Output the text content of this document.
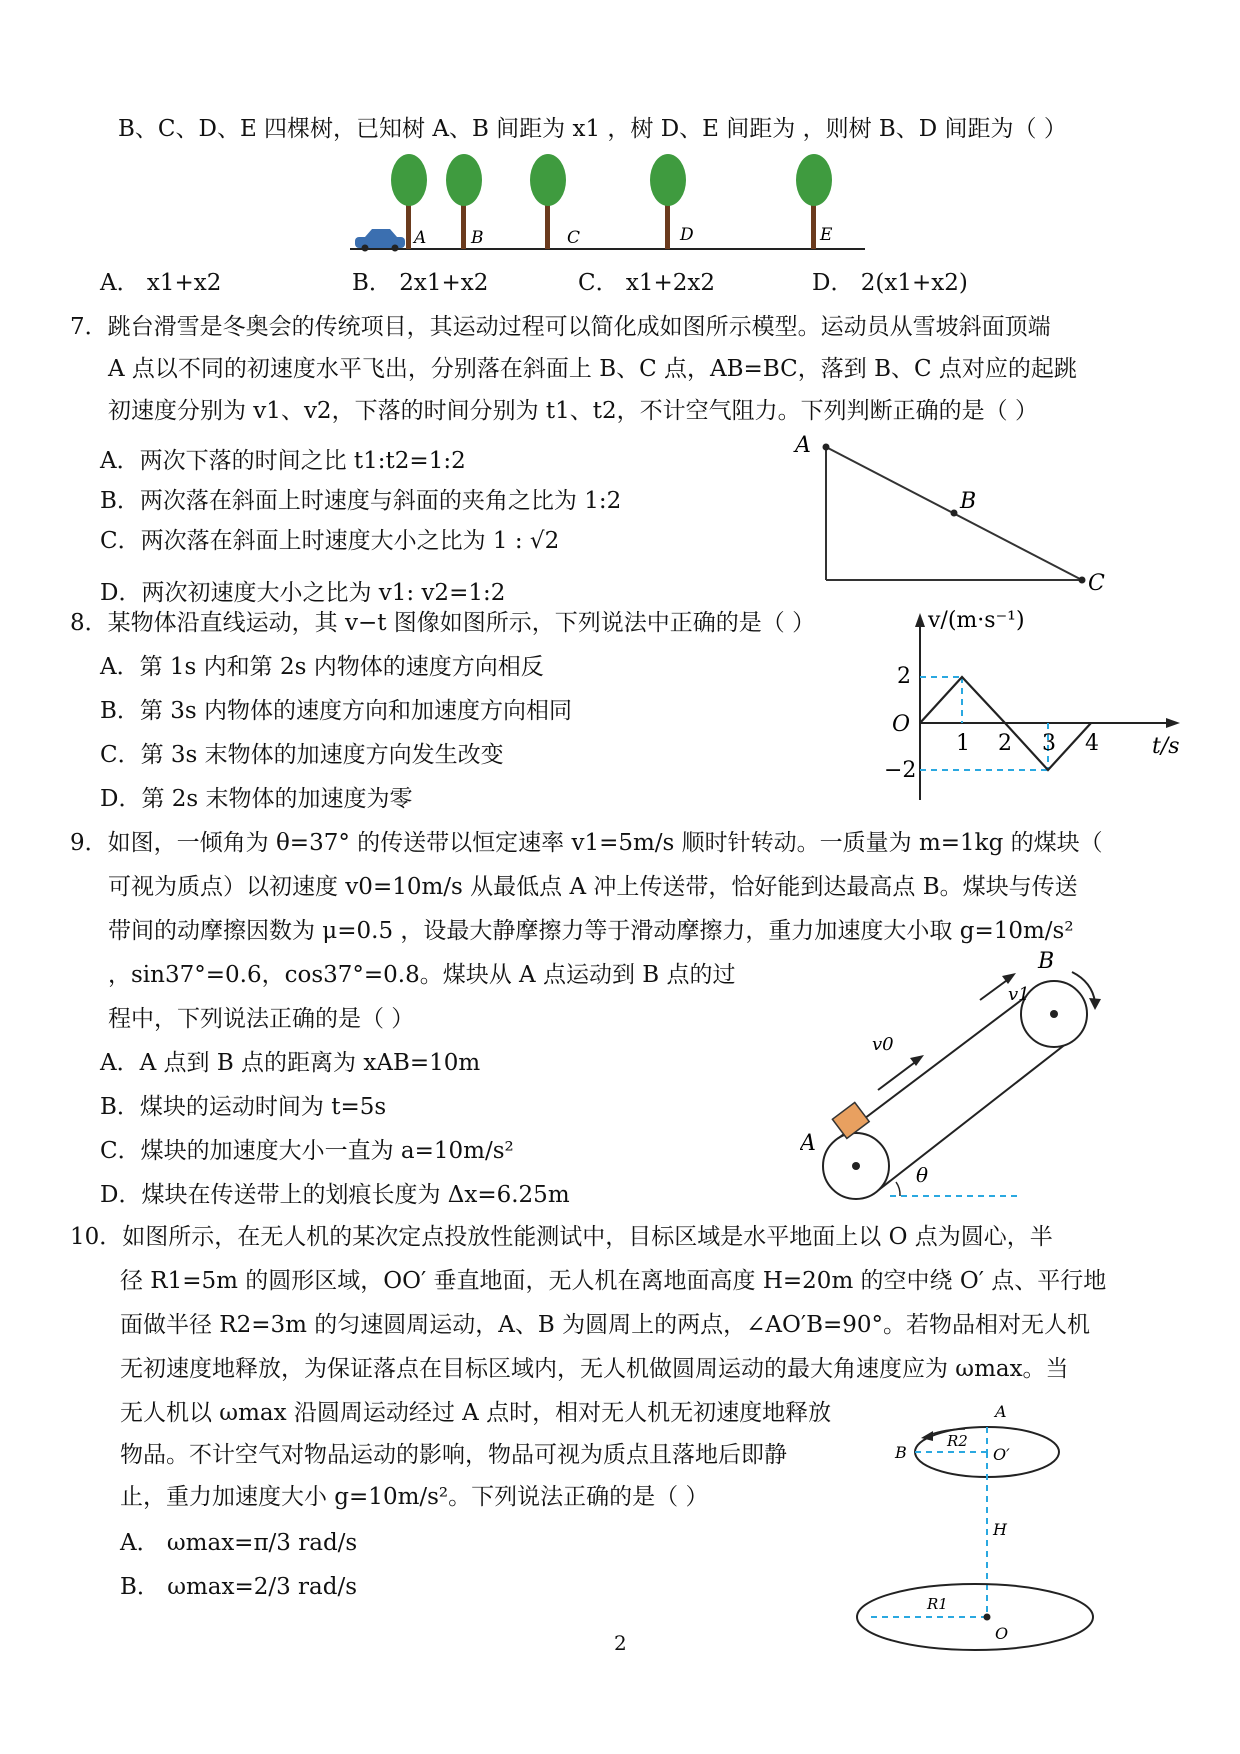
B、C、D、E 四棵树，已知树 A、B 间距为 x1 ，树 D、E 间距为 ，则树 B、D 间距为（ ）
A	B	C	D	E
A． x1+x2	B． 2x1+x2	C． x1+2x2	D． 2(x1+x2)
7．跳台滑雪是冬奥会的传统项目，其运动过程可以简化成如图所示模型。运动员从雪坡斜面顶端
A 点以不同的初速度水平飞出，分别落在斜面上 B、C 点，AB=BC，落到 B、C 点对应的起跳
初速度分别为 v1、v2，下落的时间分别为 t1、t2，不计空气阻力。下列判断正确的是（ ）
A．两次下落的时间之比 t1:t2=1:2
B．两次落在斜面上时速度与斜面的夹角之比为 1:2
C．两次落在斜面上时速度大小之比为 1 : √2
D．两次初速度大小之比为 v1: v2=1:2
A
B
C
8．某物体沿直线运动，其 v−t 图像如图所示，下列说法中正确的是（ ）
A．第 1s 内和第 2s 内物体的速度方向相反
B．第 3s 内物体的速度方向和加速度方向相同
C．第 3s 末物体的加速度方向发生改变
D．第 2s 末物体的加速度为零
v/(m·s⁻¹)
t/s
O
2
−2
1 2 3 4
9．如图，一倾角为 θ=37° 的传送带以恒定速率 v1=5m/s 顺时针转动。一质量为 m=1kg 的煤块（
可视为质点）以初速度 v0=10m/s 从最低点 A 冲上传送带，恰好能到达最高点 B。煤块与传送
带间的动摩擦因数为 μ=0.5 ，设最大静摩擦力等于滑动摩擦力，重力加速度大小取 g=10m/s²
，sin37°=0.6，cos37°=0.8。煤块从 A 点运动到 B 点的过
程中，下列说法正确的是（ ）
A．A 点到 B 点的距离为 xAB=10m
B．煤块的运动时间为 t=5s
C．煤块的加速度大小一直为 a=10m/s²
D．煤块在传送带上的划痕长度为 Δx=6.25m
A
B
v0
v1
θ
10．如图所示，在无人机的某次定点投放性能测试中，目标区域是水平地面上以 O 点为圆心，半
径 R1=5m 的圆形区域，OO′ 垂直地面，无人机在离地面高度 H=20m 的空中绕 O′ 点、平行地
面做半径 R2=3m 的匀速圆周运动，A、B 为圆周上的两点，∠AO′B=90°。若物品相对无人机
无初速度地释放，为保证落点在目标区域内，无人机做圆周运动的最大角速度应为 ωmax。当
无人机以 ωmax 沿圆周运动经过 A 点时，相对无人机无初速度地释放
物品。不计空气对物品运动的影响，物品可视为质点且落地后即静
止，重力加速度大小 g=10m/s²。下列说法正确的是（ ）
A． ωmax=π/3 rad/s
B． ωmax=2/3 rad/s
A
B	O′
R2
H
R1
O
2
